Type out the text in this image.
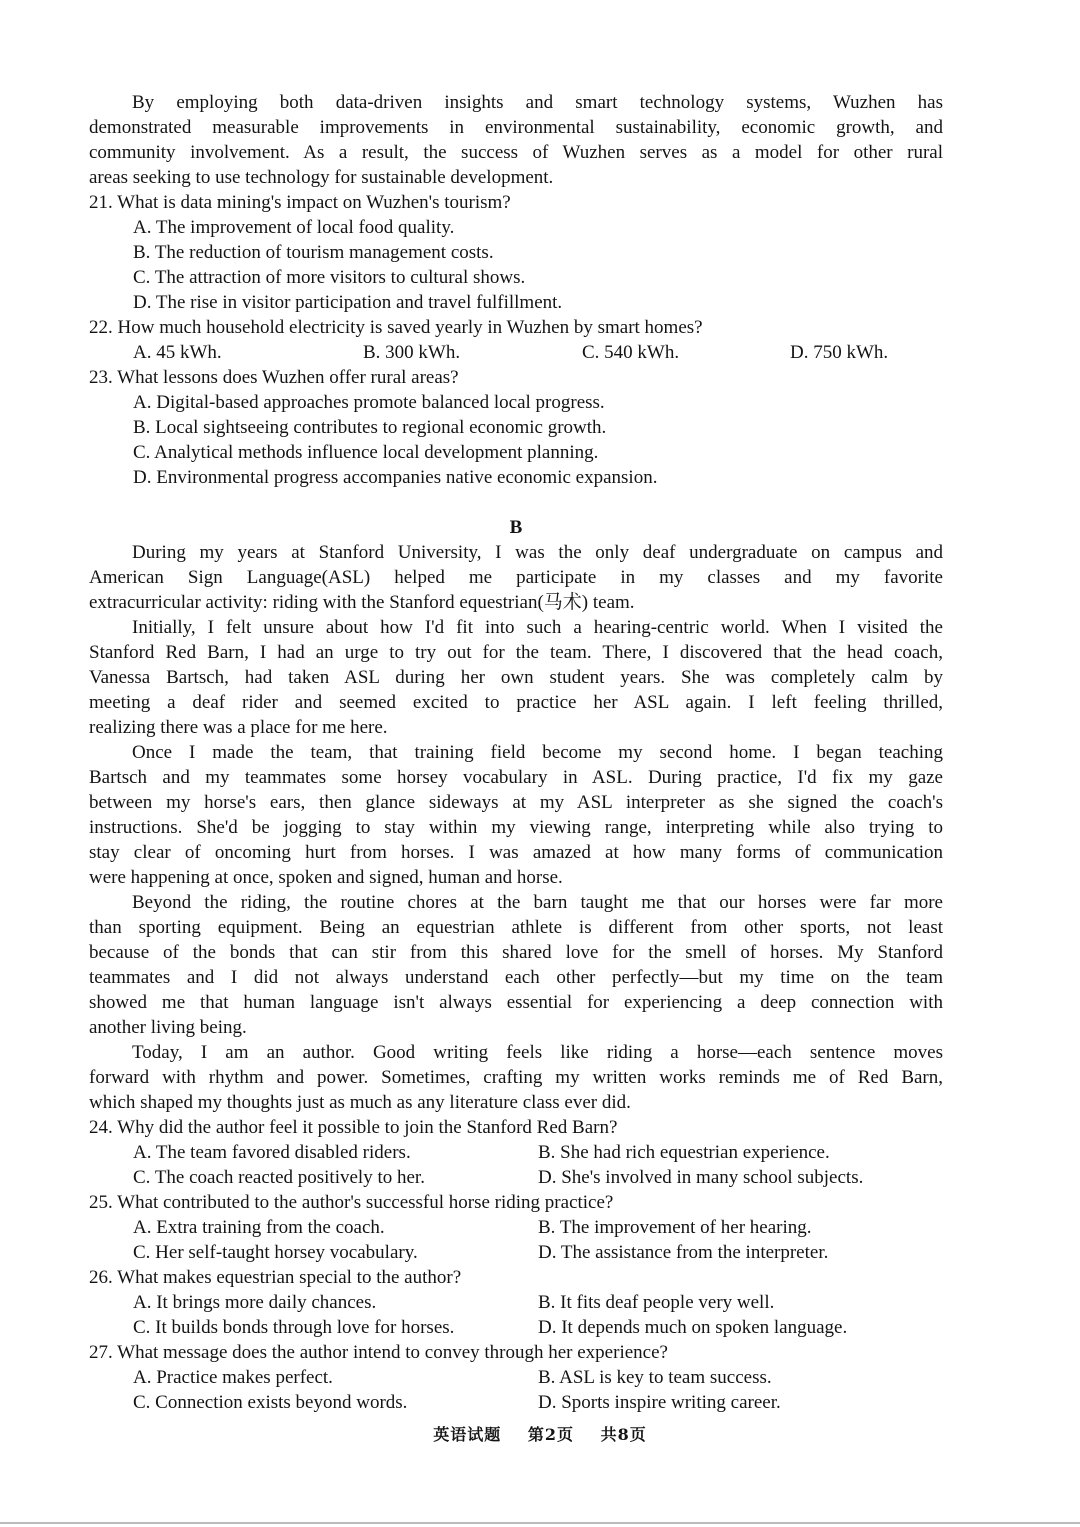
By employing both data-driven insights and smart technology systems, Wuzhen has
demonstrated measurable improvements in environmental sustainability, economic growth, and
community involvement. As a result, the success of Wuzhen serves as a model for other rural
areas seeking to use technology for sustainable development.
21. What is data mining's impact on Wuzhen's tourism?
A. The improvement of local food quality.
B. The reduction of tourism management costs.
C. The attraction of more visitors to cultural shows.
D. The rise in visitor participation and travel fulfillment.
22. How much household electricity is saved yearly in Wuzhen by smart homes?
A. 45 kWh.	B. 300 kWh.	C. 540 kWh.	D. 750 kWh.
23. What lessons does Wuzhen offer rural areas?
A. Digital-based approaches promote balanced local progress.
B. Local sightseeing contributes to regional economic growth.
C. Analytical methods influence local development planning.
D. Environmental progress accompanies native economic expansion.
B
During my years at Stanford University, I was the only deaf undergraduate on campus and
American Sign Language(ASL) helped me participate in my classes and my favorite
extracurricular activity: riding with the Stanford equestrian(马术) team.
Initially, I felt unsure about how I'd fit into such a hearing-centric world. When I visited the
Stanford Red Barn, I had an urge to try out for the team. There, I discovered that the head coach,
Vanessa Bartsch, had taken ASL during her own student years. She was completely calm by
meeting a deaf rider and seemed excited to practice her ASL again. I left feeling thrilled,
realizing there was a place for me here.
Once I made the team, that training field become my second home. I began teaching
Bartsch and my teammates some horsey vocabulary in ASL. During practice, I'd fix my gaze
between my horse's ears, then glance sideways at my ASL interpreter as she signed the coach's
instructions. She'd be jogging to stay within my viewing range, interpreting while also trying to
stay clear of oncoming hurt from horses. I was amazed at how many forms of communication
were happening at once, spoken and signed, human and horse.
Beyond the riding, the routine chores at the barn taught me that our horses were far more
than sporting equipment. Being an equestrian athlete is different from other sports, not least
because of the bonds that can stir from this shared love for the smell of horses. My Stanford
teammates and I did not always understand each other perfectly—but my time on the team
showed me that human language isn't always essential for experiencing a deep connection with
another living being.
Today, I am an author. Good writing feels like riding a horse—each sentence moves
forward with rhythm and power. Sometimes, crafting my written works reminds me of Red Barn,
which shaped my thoughts just as much as any literature class ever did.
24. Why did the author feel it possible to join the Stanford Red Barn?
A. The team favored disabled riders.	B. She had rich equestrian experience.
C. The coach reacted positively to her.	D. She's involved in many school subjects.
25. What contributed to the author's successful horse riding practice?
A. Extra training from the coach.	B. The improvement of her hearing.
C. Her self-taught horsey vocabulary.	D. The assistance from the interpreter.
26. What makes equestrian special to the author?
A. It brings more daily chances.	B. It fits deaf people very well.
C. It builds bonds through love for horses.	D. It depends much on spoken language.
27. What message does the author intend to convey through her experience?
A. Practice makes perfect.	B. ASL is key to team success.
C. Connection exists beyond words.	D. Sports inspire writing career.
英语试题 第2页 共8页
